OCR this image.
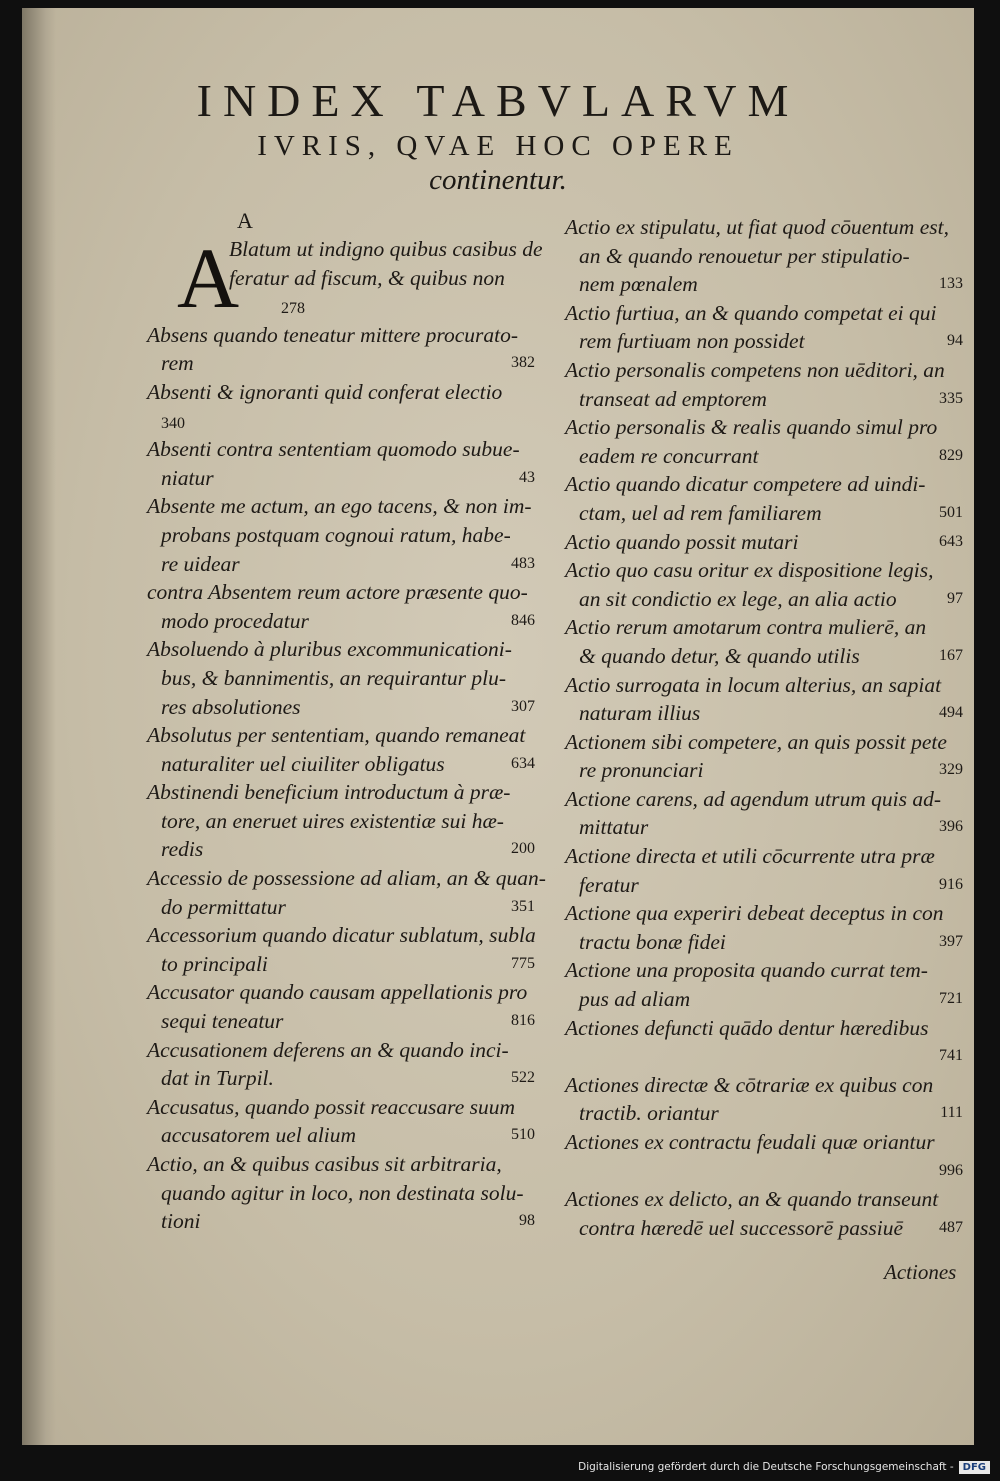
INDEX TABVLARVM
IVRIS, QVAE HOC OPERE
continentur.
A
A
Blatum ut indigno quibus casibus de
feratur ad fiscum, & quibus non
278
Absens quando teneatur mittere procurato-
rem	382
Absenti & ignoranti quid conferat electio
340
Absenti contra sententiam quomodo subue-
niatur	43
Absente me actum, an ego tacens, & non im-
probans postquam cognoui ratum, habe-
re uidear	483
contra Absentem reum actore præsente quo-
modo procedatur	846
Absoluendo à pluribus excommunicationi-
bus, & bannimentis, an requirantur plu-
res absolutiones	307
Absolutus per sententiam, quando remaneat
naturaliter uel ciuiliter obligatus	634
Abstinendi beneficium introductum à præ-
tore, an eneruet uires existentiæ sui hæ-
redis	200
Accessio de possessione ad aliam, an & quan-
do permittatur	351
Accessorium quando dicatur sublatum, subla
to principali	775
Accusator quando causam appellationis pro
sequi teneatur	816
Accusationem deferens an & quando inci-
dat in Turpil.	522
Accusatus, quando possit reaccusare suum
accusatorem uel alium	510
Actio, an & quibus casibus sit arbitraria,
quando agitur in loco, non destinata solu-
tioni	98
Actio ex stipulatu, ut fiat quod cōuentum est,
an & quando renouetur per stipulatio-
nem pœnalem	133
Actio furtiua, an & quando competat ei qui
rem furtiuam non possidet	94
Actio personalis competens non uēditori, an
transeat ad emptorem	335
Actio personalis & realis quando simul pro
eadem re concurrant	829
Actio quando dicatur competere ad uindi-
ctam, uel ad rem familiarem	501
Actio quando possit mutari	643
Actio quo casu oritur ex dispositione legis,
an sit condictio ex lege, an alia actio	97
Actio rerum amotarum contra mulierē, an
& quando detur, & quando utilis	167
Actio surrogata in locum alterius, an sapiat
naturam illius	494
Actionem sibi competere, an quis possit pete
re pronunciari	329
Actione carens, ad agendum utrum quis ad-
mittatur	396
Actione directa et utili cōcurrente utra præ
feratur	916
Actione qua experiri debeat deceptus in con
tractu bonæ fidei	397
Actione una proposita quando currat tem-
pus ad aliam	721
Actiones defuncti quādo dentur hæredibus
741
Actiones directæ & cōtrariæ ex quibus con
tractib. oriantur	111
Actiones ex contractu feudali quæ oriantur
996
Actiones ex delicto, an & quando transeunt
contra hæredē uel successorē passiuē 487
Actiones
Digitalisierung gefördert durch die Deutsche Forschungsgemeinschaft - DFG
